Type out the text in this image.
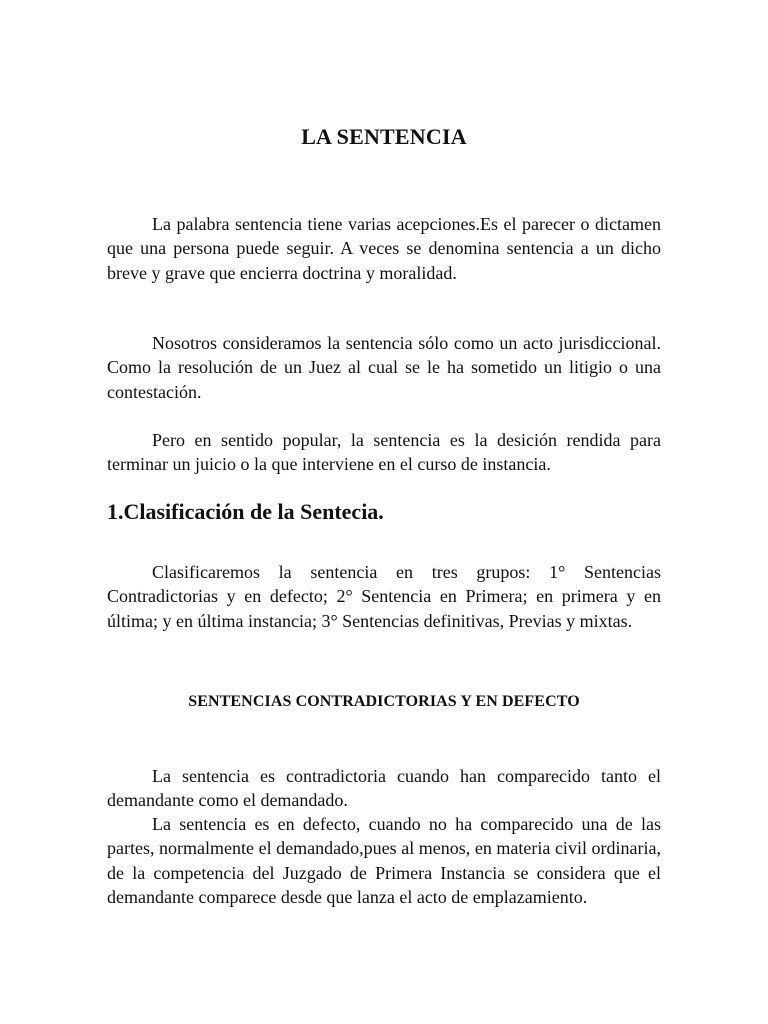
LA SENTENCIA

La palabra sentencia tiene varias acepciones.Es el parecer o dictamen que una persona puede seguir. A veces se denomina sentencia a un dicho breve y grave que encierra doctrina y moralidad.

Nosotros consideramos la sentencia sólo como un acto jurisdiccional. Como la resolución de un Juez al cual se le ha sometido un litigio o una contestación.

Pero en sentido popular, la sentencia es la desición rendida para terminar un juicio o la que interviene en el curso de instancia.

1.Clasificación de la Sentecia.

Clasificaremos la sentencia en tres grupos: 1° Sentencias Contradictorias y en defecto; 2° Sentencia en Primera; en primera y en última; y en última instancia; 3° Sentencias definitivas, Previas y mixtas.

SENTENCIAS CONTRADICTORIAS Y EN DEFECTO

La sentencia es contradictoria cuando han comparecido tanto el demandante como el demandado.

La sentencia es en defecto, cuando no ha comparecido una de las partes, normalmente el demandado,pues al menos, en materia civil ordinaria, de la competencia del Juzgado de Primera Instancia se considera que el demandante comparece desde que lanza el acto de emplazamiento.
